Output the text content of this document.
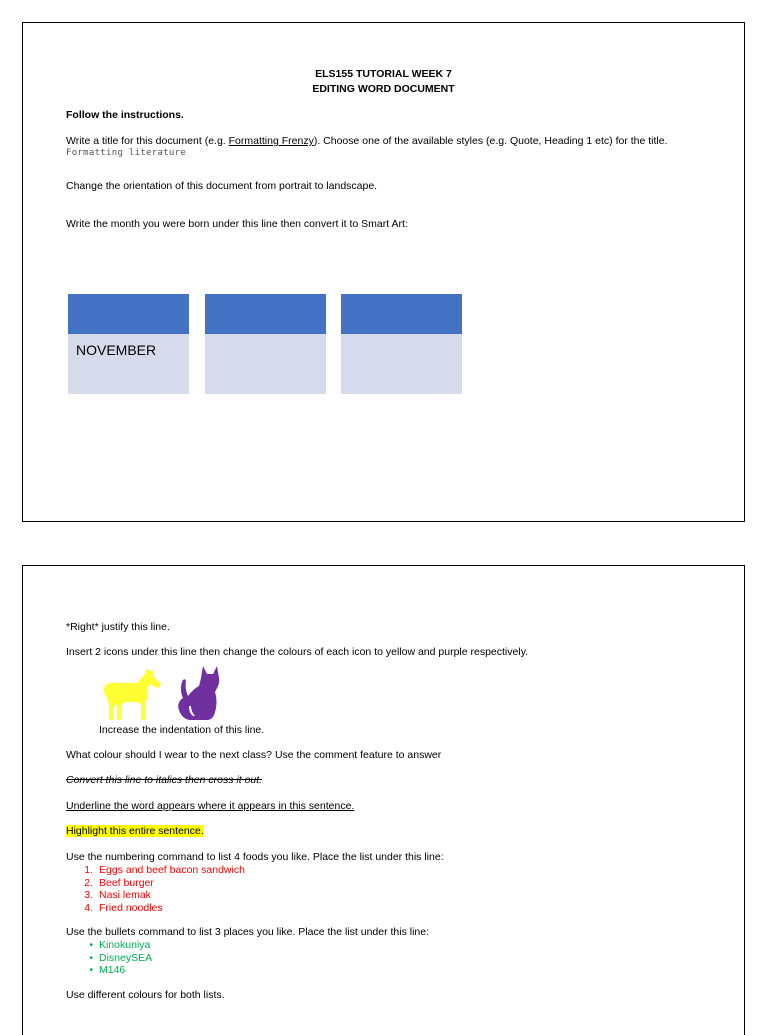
ELS155 TUTORIAL WEEK 7

EDITING WORD DOCUMENT

Follow the instructions.

Write a title for this document (e.g. Formatting Frenzy). Choose one of the available styles (e.g. Quote, Heading 1 etc) for the title.

Formatting literature

Change the orientation of this document from portrait to landscape.

Write the month you were born under this line then convert it to Smart Art:

NOVEMBER

*Right* justify this line.

Insert 2 icons under this line then change the colours of each icon to yellow and purple respectively.

Increase the indentation of this line.

What colour should I wear to the next class? Use the comment feature to answer

Convert this line to italics then cross it out.

Underline the word appears where it appears in this sentence.

Highlight this entire sentence.

Use the numbering command to list 4 foods you like. Place the list under this line:

1. Eggs and beef bacon sandwich
2. Beef burger
3. Nasi lemak
4. Fried noodles

Use the bullets command to list 3 places you like. Place the list under this line:

• Kinokuniya
• DisneySEA
• M146

Use different colours for both lists.
